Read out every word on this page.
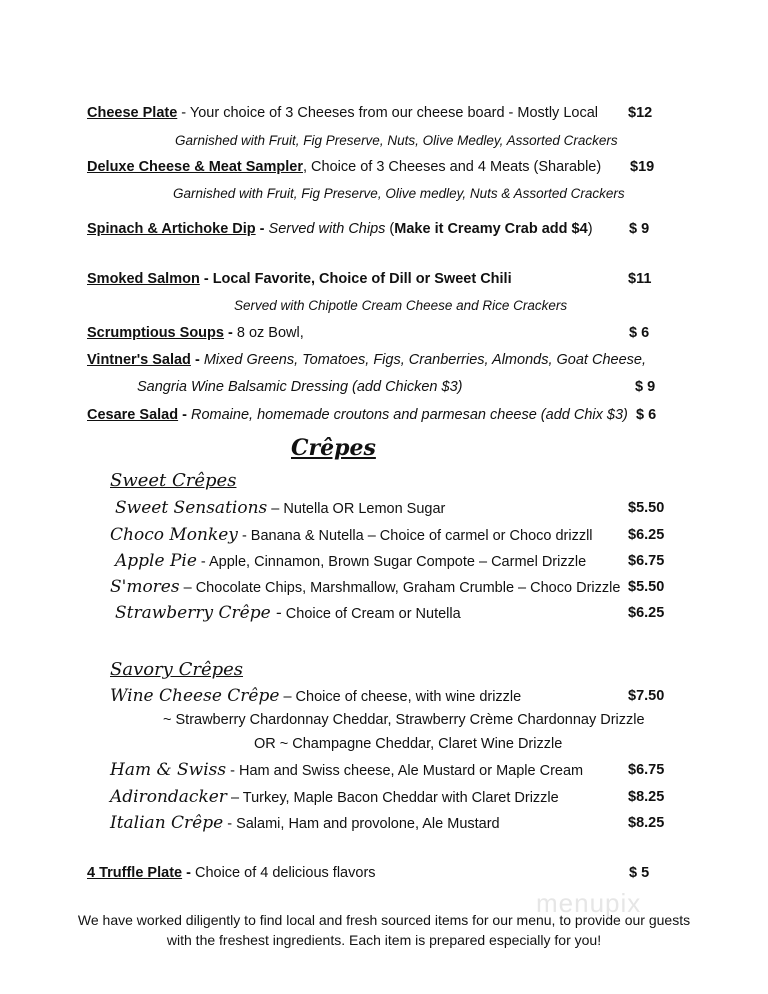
Cheese Plate - Your choice of 3 Cheeses from our cheese board - Mostly Local $12
Garnished with Fruit, Fig Preserve, Nuts, Olive Medley, Assorted Crackers
Deluxe Cheese & Meat Sampler, Choice of 3 Cheeses and 4 Meats (Sharable) $19
Garnished with Fruit, Fig Preserve, Olive medley, Nuts & Assorted Crackers
Spinach & Artichoke Dip - Served with Chips (Make it Creamy Crab add $4)	$ 9
Smoked Salmon - Local Favorite, Choice of Dill or Sweet Chili	$11
Served with Chipotle Cream Cheese and Rice Crackers
Scrumptious Soups - 8 oz Bowl,	$ 6
Vintner's Salad - Mixed Greens, Tomatoes, Figs, Cranberries, Almonds, Goat Cheese,
Sangria Wine Balsamic Dressing (add Chicken $3)	$ 9
Cesare Salad - Romaine, homemade croutons and parmesan cheese (add Chix $3) $ 6
Crêpes
Sweet Crêpes
Sweet Sensations – Nutella OR Lemon Sugar	$5.50
Choco Monkey - Banana & Nutella – Choice of carmel or Choco drizzll $6.25
Apple Pie - Apple, Cinnamon, Brown Sugar Compote – Carmel Drizzle	$6.75
S'mores – Chocolate Chips, Marshmallow, Graham Crumble – Choco Drizzle $5.50
Strawberry Crêpe - Choice of Cream or Nutella	$6.25
Savory Crêpes
Wine Cheese Crêpe – Choice of cheese, with wine drizzle	$7.50
~ Strawberry Chardonnay Cheddar, Strawberry Crème Chardonnay Drizzle
OR ~ Champagne Cheddar, Claret Wine Drizzle
Ham & Swiss - Ham and Swiss cheese, Ale Mustard or Maple Cream	$6.75
Adirondacker – Turkey, Maple Bacon Cheddar with Claret Drizzle	$8.25
Italian Crêpe - Salami, Ham and provolone, Ale Mustard	$8.25
4 Truffle Plate - Choice of 4 delicious flavors	$ 5
menupix
We have worked diligently to find local and fresh sourced items for our menu, to provide our guests
with the freshest ingredients. Each item is prepared especially for you!
